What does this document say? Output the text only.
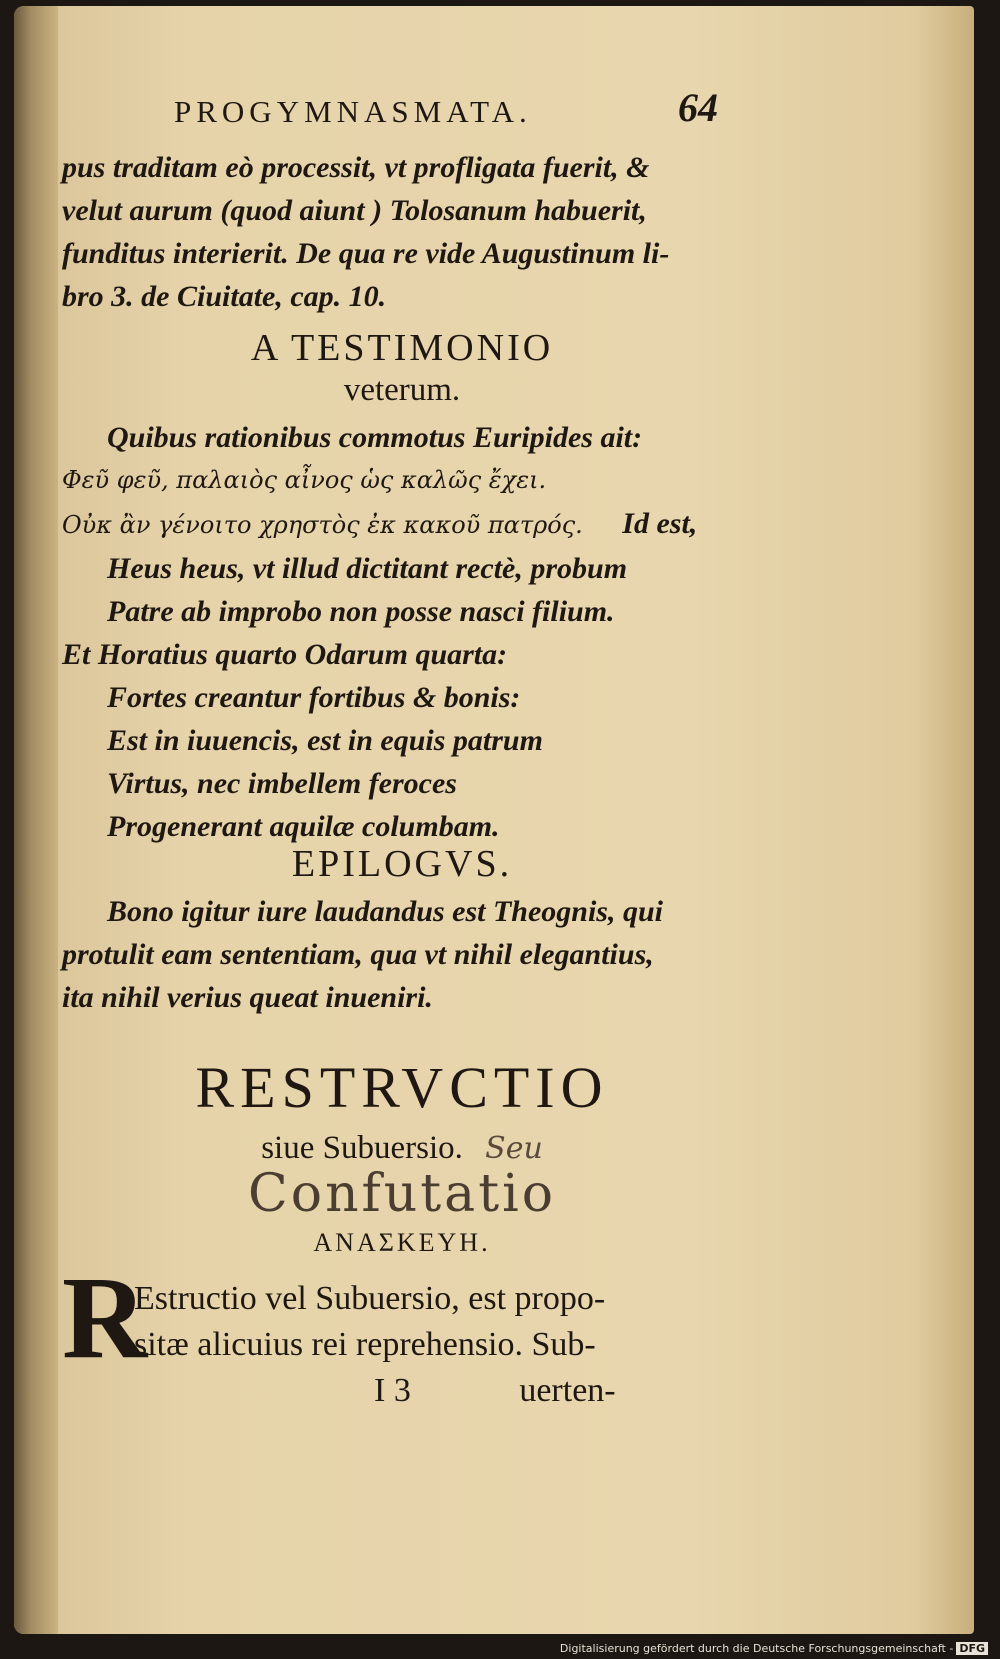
PROGYMNASMATA.	64
pus traditam eò processit, vt profligata fuerit, &
velut aurum (quod aiunt ) Tolosanum habuerit,
funditus interierit. De qua re vide Augustinum li-
bro 3. de Ciuitate, cap. 10.
A TESTIMONIO
veterum.
Quibus rationibus commotus Euripides ait:
Φεῦ φεῦ, παλαιὸς αἶνος ὡς καλῶς ἔχει.
Οὐκ ἂν γένοιτο χρηστὸς ἐκ κακοῦ πατρός. Id est,
Heus heus, vt illud dictitant rectè, probum
Patre ab improbo non posse nasci filium.
Et Horatius quarto Odarum quarta:
Fortes creantur fortibus & bonis:
Est in iuuencis, est in equis patrum
Virtus, nec imbellem feroces
Progenerant aquilæ columbam.
EPILOGVS.
Bono igitur iure laudandus est Theognis, qui
protulit eam sententiam, qua vt nihil elegantius,
ita nihil verius queat inueniri.
RESTRVCTIO
siue Subuersio. Seu
Confutatio
ΑΝΑΣΚΕΥΗ.
R
Estructio vel Subuersio, est propo-
sitæ alicuius rei reprehensio. Sub-
I 3	uerten-
Digitalisierung gefördert durch die Deutsche Forschungsgemeinschaft - DFG
